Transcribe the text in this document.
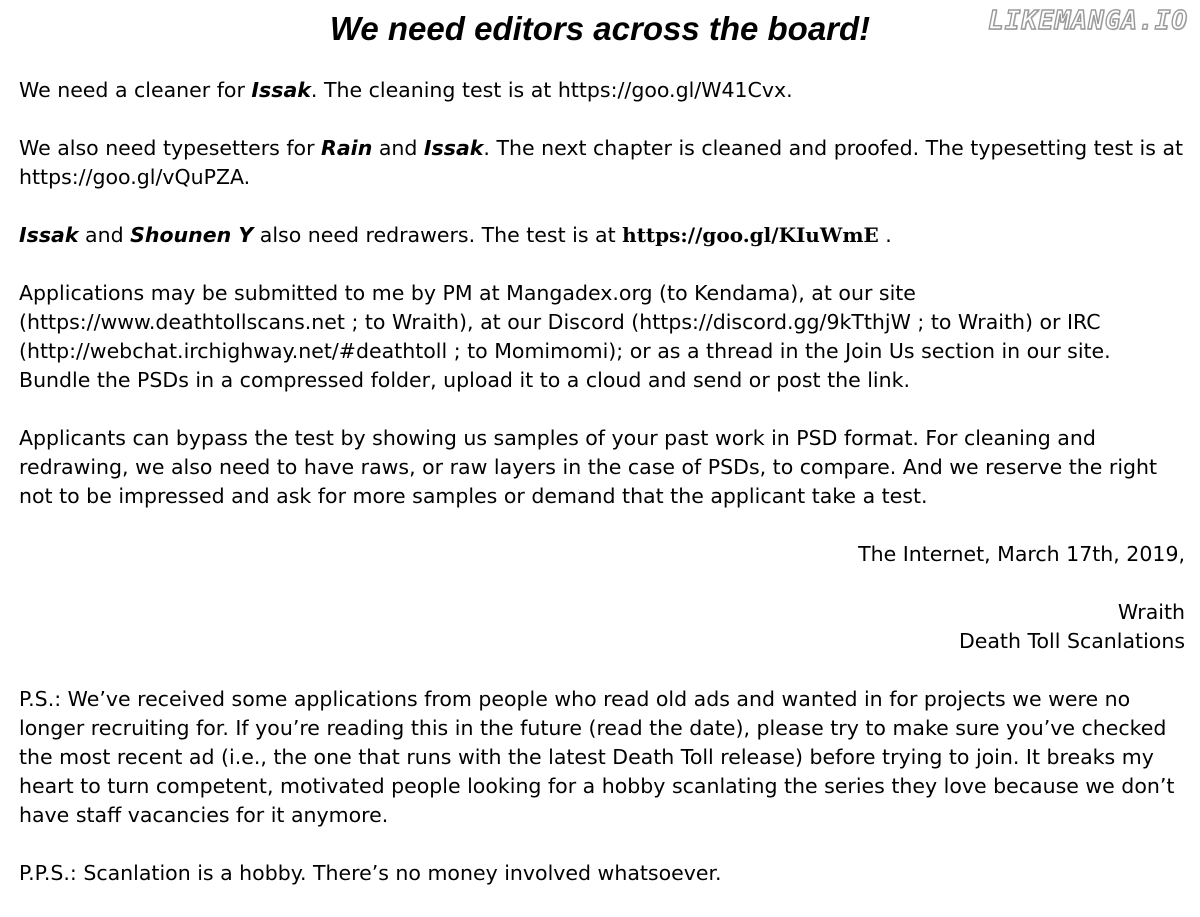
LIKEMANGA.IO
We need editors across the board!

We need a cleaner for Issak. The cleaning test is at https://goo.gl/W41Cvx.

We also need typesetters for Rain and Issak. The next chapter is cleaned and proofed. The typesetting test is at https://goo.gl/vQuPZA.

Issak and Shounen Y also need redrawers. The test is at https://goo.gl/KIuWmE .

Applications may be submitted to me by PM at Mangadex.org (to Kendama), at our site (https://www.deathtollscans.net ; to Wraith), at our Discord (https://discord.gg/9kTthjW ; to Wraith) or IRC (http://webchat.irchighway.net/#deathtoll ; to Momimomi); or as a thread in the Join Us section in our site. Bundle the PSDs in a compressed folder, upload it to a cloud and send or post the link.

Applicants can bypass the test by showing us samples of your past work in PSD format. For cleaning and redrawing, we also need to have raws, or raw layers in the case of PSDs, to compare. And we reserve the right not to be impressed and ask for more samples or demand that the applicant take a test.

The Internet, March 17th, 2019,

Wraith

Death Toll Scanlations

P.S.: We’ve received some applications from people who read old ads and wanted in for projects we were no longer recruiting for. If you’re reading this in the future (read the date), please try to make sure you’ve checked the most recent ad (i.e., the one that runs with the latest Death Toll release) before trying to join. It breaks my heart to turn competent, motivated people looking for a hobby scanlating the series they love because we don’t have staff vacancies for it anymore.

P.P.S.: Scanlation is a hobby. There’s no money involved whatsoever.
